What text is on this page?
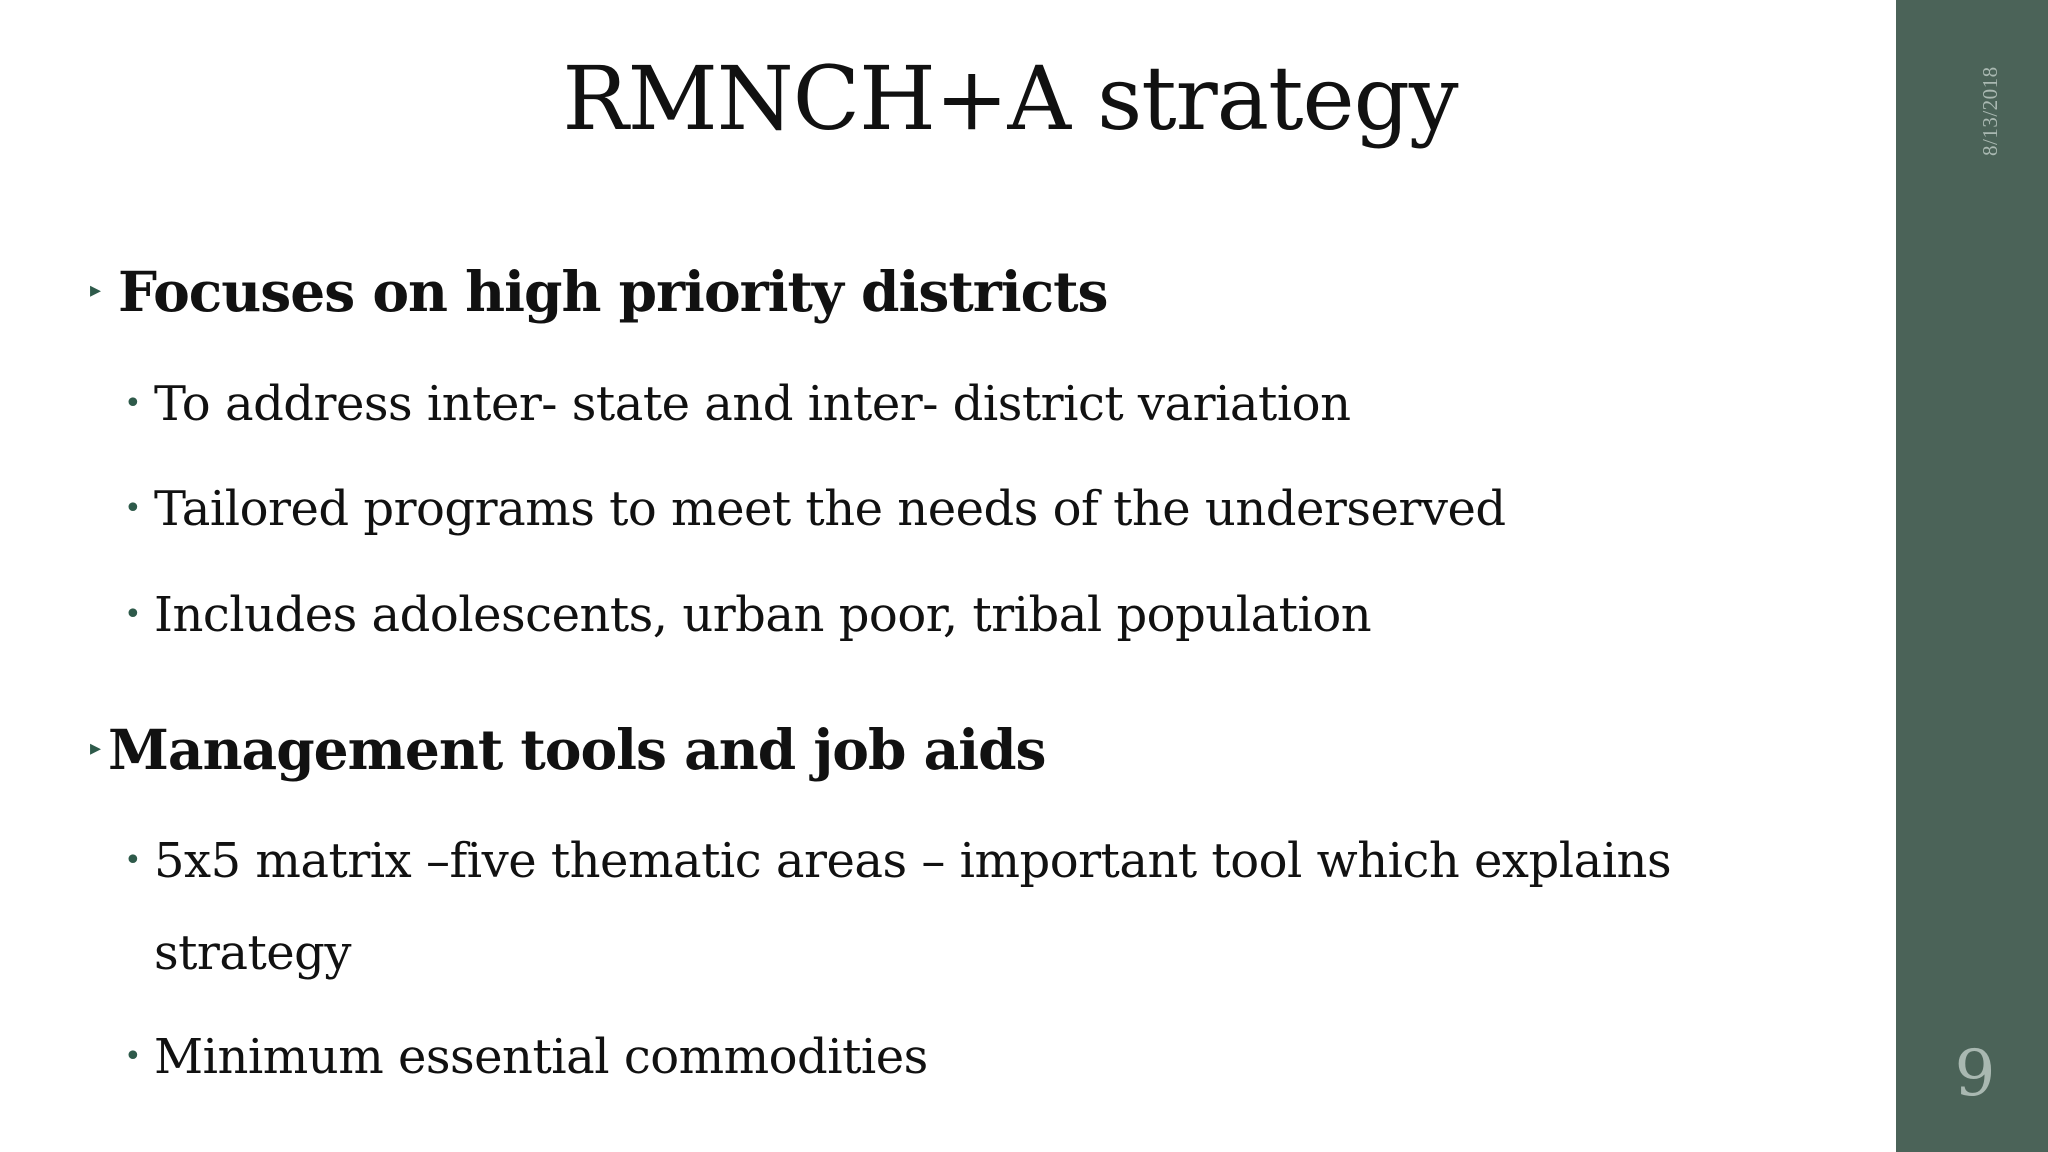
RMNCH+A strategy
▸ Focuses on high priority districts
• To address inter- state and inter- district variation
• Tailored programs to meet the needs of the underserved
• Includes adolescents, urban poor, tribal population
▸ Management tools and job aids
• 5x5 matrix –five thematic areas – important tool which explains strategy
• Minimum essential commodities
8/13/2018
9
